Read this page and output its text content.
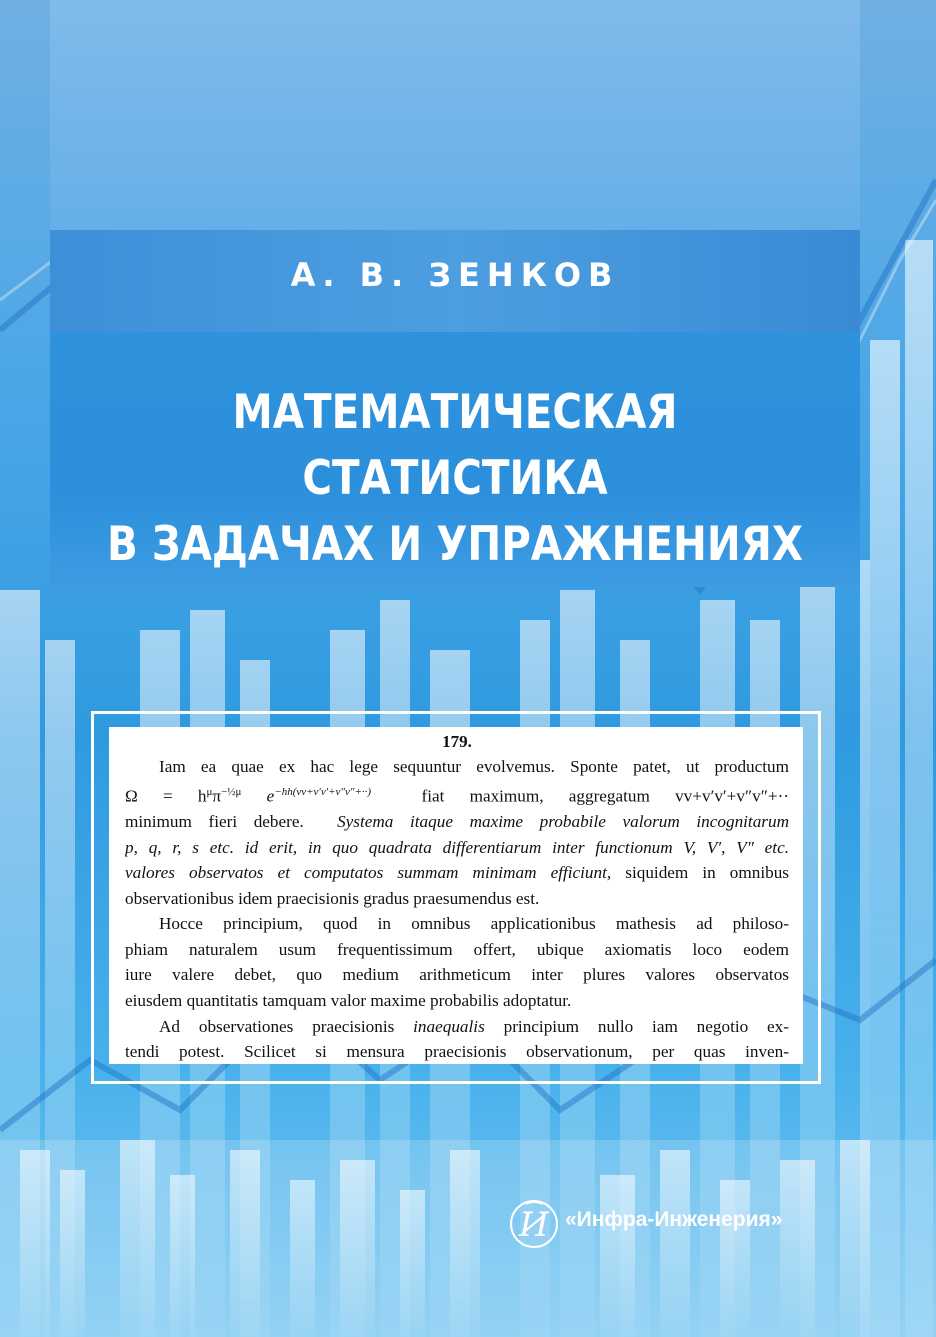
А. В. ЗЕНКОВ
МАТЕМАТИЧЕСКАЯ СТАТИСТИКА
В ЗАДАЧАХ И УПРАЖНЕНИЯХ
179.
Iam ea quae ex hac lege sequuntur evolvemus. Sponte patet, ut productum
$\Omega = h^\mu\pi^{-\frac{1}{2}\mu}$ $e^{-hh(vv+v'v'+v''v''+\cdot\cdot)}$	fiat maximum, aggregatum vv+v′v′+v″v″+··
minimum fieri debere. Systema itaque maxime probabile valorum incognitarum
p, q, r, s etc. id erit, in quo quadrata differentiarum inter functionum V, V′, V″ etc.
valores observatos et computatos summam minimam efficiunt, siquidem in omnibus
observationibus idem praecisionis gradus praesumendus est.
Hocce principium, quod in omnibus applicationibus mathesis ad philoso-
phiam naturalem usum frequentissimum offert, ubique axiomatis loco eodem
iure valere debet, quo medium arithmeticum inter plures valores observatos
eiusdem quantitatis tamquam valor maxime probabilis adoptatur.
Ad observationes praecisionis inaequalis principium nullo iam negotio ex-
tendi potest. Scilicet si mensura praecisionis observationum, per quas inven-
И «Инфра-Инженерия»
